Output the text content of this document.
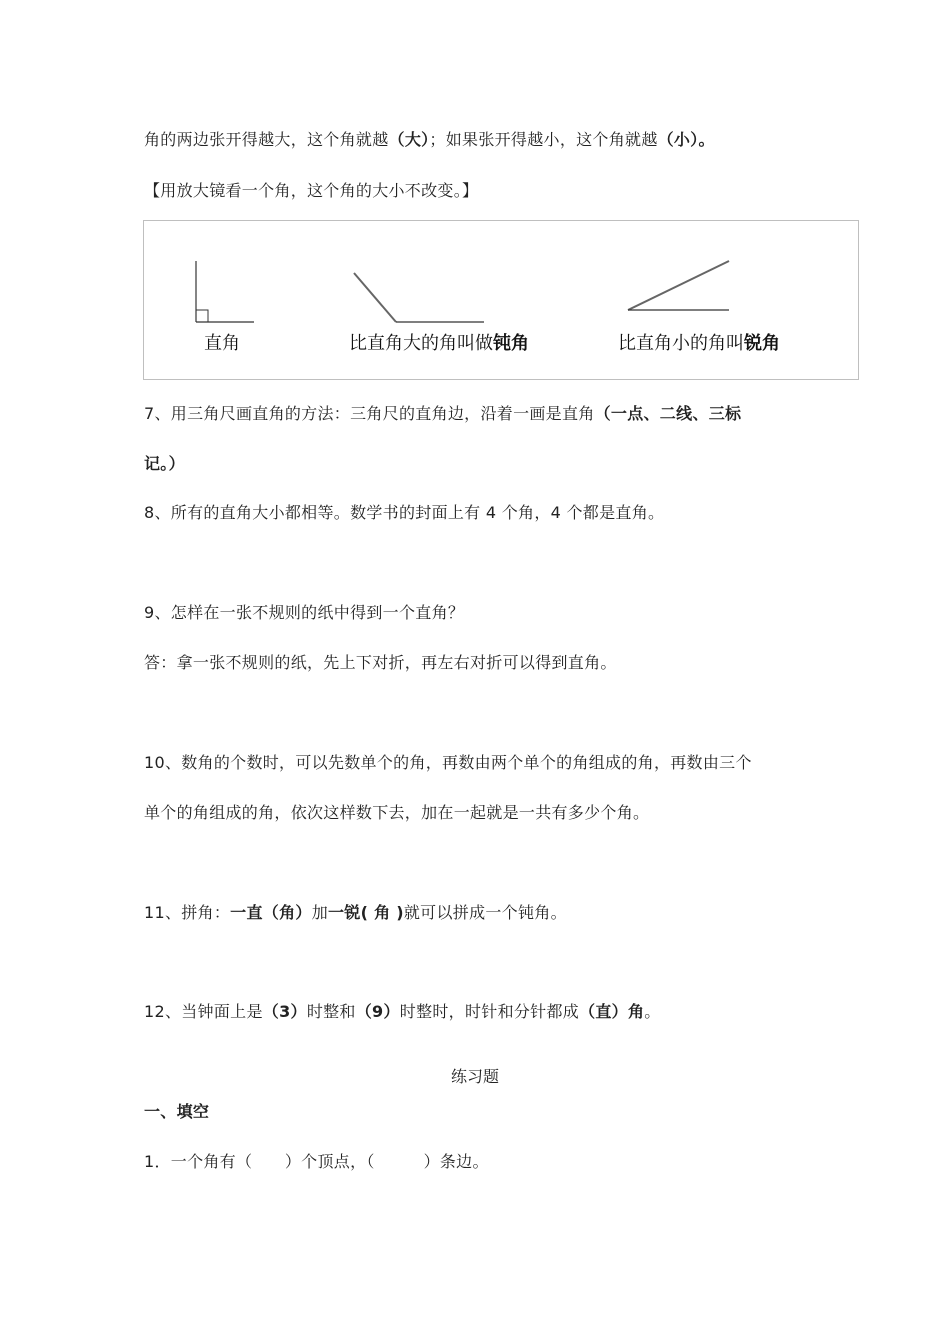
角的两边张开得越大，这个角就越（大）；如果张开得越小，这个角就越（小）。
【用放大镜看一个角，这个角的大小不改变。】
直角	比直角大的角叫做钝角	比直角小的角叫锐角
7、用三角尺画直角的方法：三角尺的直角边，沿着一画是直角（一点、二线、三标
记。）
8、所有的直角大小都相等。数学书的封面上有 4 个角，4 个都是直角。
9、怎样在一张不规则的纸中得到一个直角？
答：拿一张不规则的纸，先上下对折，再左右对折可以得到直角。
10、数角的个数时，可以先数单个的角，再数由两个单个的角组成的角，再数由三个
单个的角组成的角，依次这样数下去，加在一起就是一共有多少个角。
11、拼角：一直（角）加一锐( 角 )就可以拼成一个钝角。
12、当钟面上是（3）时整和（9）时整时，时针和分针都成（直）角。
练习题
一、填空
1．一个角有（　　）个顶点，（　　　）条边。
